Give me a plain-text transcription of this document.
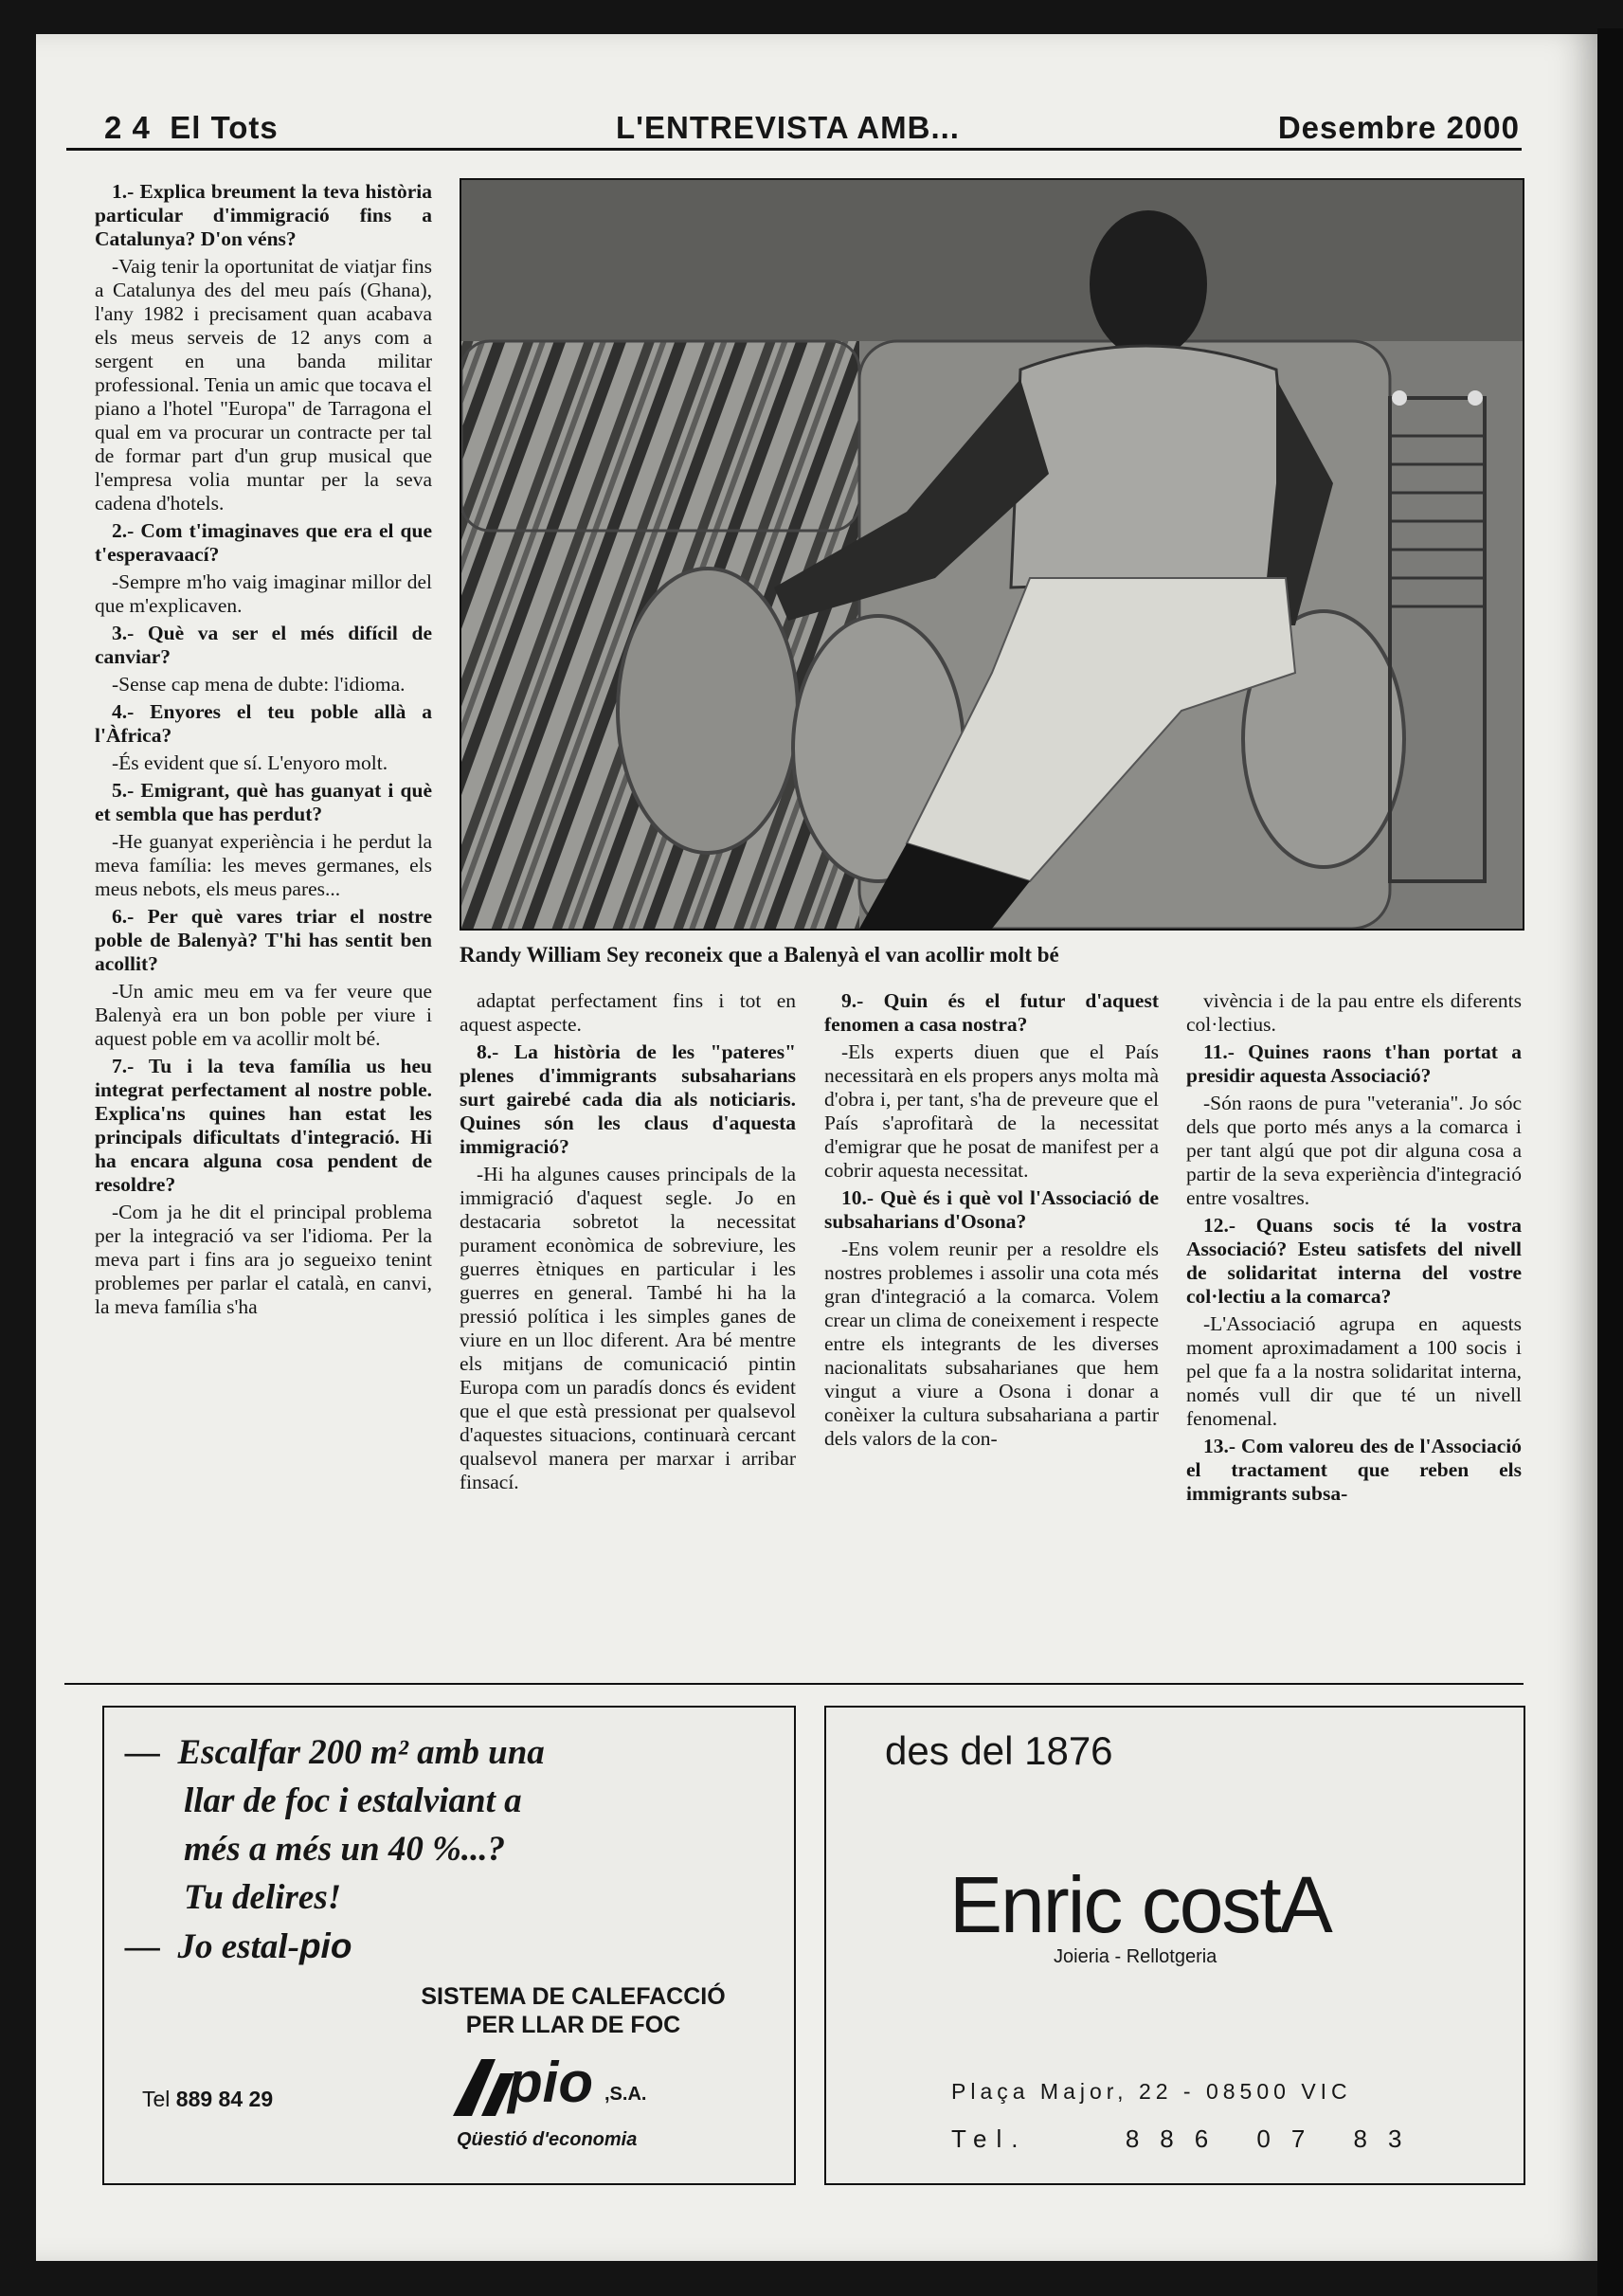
2 4 El Tots	L'ENTREVISTA AMB...	Desembre 2000
Randy William Sey reconeix que a Balenyà el van acollir molt bé

1.- Explica breument la teva història particular d'immigració fins a Catalunya? D'on véns?

-Vaig tenir la oportunitat de viatjar fins a Catalunya des del meu país (Ghana), l'any 1982 i precisament quan acabava els meus serveis de 12 anys com a sergent en una banda militar professional. Tenia un amic que tocava el piano a l'hotel "Europa" de Tarragona el qual em va procurar un contracte per tal de formar part d'un grup musical que l'empresa volia muntar per la seva cadena d'hotels.

2.- Com t'imaginaves que era el que t'esperavaací?

-Sempre m'ho vaig imaginar millor del que m'explicaven.

3.- Què va ser el més difícil de canviar?

-Sense cap mena de dubte: l'idioma.

4.- Enyores el teu poble allà a l'Àfrica?

-És evident que sí. L'enyoro molt.

5.- Emigrant, què has guanyat i què et sembla que has perdut?

-He guanyat experiència i he perdut la meva família: les meves germanes, els meus nebots, els meus pares...

6.- Per què vares triar el nostre poble de Balenyà? T'hi has sentit ben acollit?

-Un amic meu em va fer veure que Balenyà era un bon poble per viure i aquest poble em va acollir molt bé.

7.- Tu i la teva família us heu integrat perfectament al nostre poble. Explica'ns quines han estat les principals dificultats d'integració. Hi ha encara alguna cosa pendent de resoldre?

-Com ja he dit el principal problema per la integració va ser l'idioma. Per la meva part i fins ara jo segueixo tenint problemes per parlar el català, en canvi, la meva família s'ha

adaptat perfectament fins i tot en aquest aspecte.

8.- La història de les "pateres" plenes d'immigrants subsaharians surt gairebé cada dia als noticiaris. Quines són les claus d'aquesta immigració?

-Hi ha algunes causes principals de la immigració d'aquest segle. Jo en destacaria sobretot la necessitat purament econòmica de sobreviure, les guerres ètniques en particular i les guerres en general. També hi ha la pressió política i les simples ganes de viure en un lloc diferent. Ara bé mentre els mitjans de comunicació pintin Europa com un paradís doncs és evident que el que està pressionat per qualsevol d'aquestes situacions, continuarà cercant qualsevol manera per marxar i arribar finsací.

9.- Quin és el futur d'aquest fenomen a casa nostra?

-Els experts diuen que el País necessitarà en els propers anys molta mà d'obra i, per tant, s'ha de preveure que el País s'aprofitarà de la necessitat d'emigrar que he posat de manifest per a cobrir aquesta necessitat.

10.- Què és i què vol l'Associació de subsaharians d'Osona?

-Ens volem reunir per a resoldre els nostres problemes i assolir una cota més gran d'integració a la comarca. Volem crear un clima de coneixement i respecte entre els integrants de les diverses nacionalitats subsaharianes que hem vingut a viure a Osona i donar a conèixer la cultura subsahariana a partir dels valors de la con-

vivència i de la pau entre els diferents col·lectius.

11.- Quines raons t'han portat a presidir aquesta Associació?

-Són raons de pura "veterania". Jo sóc dels que porto més anys a la comarca i per tant algú que pot dir alguna cosa a partir de la seva experiència d'integració entre vosaltres.

12.- Quans socis té la vostra Associació? Esteu satisfets del nivell de solidaritat interna del vostre col·lectiu a la comarca?

-L'Associació agrupa en aquests moment aproximadament a 100 socis i pel que fa a la nostra solidaritat interna, només vull dir que té un nivell fenomenal.

13.- Com valoreu des de l'Associació el tractament que reben els immigrants subsa-

— Escalfar 200 m² amb una
llar de foc i estalviant a
més a més un 40 %...?
Tu delires!
— Jo estal-pio
SISTEMA DE CALEFACCIÓ
PER LLAR DE FOC
Tel 889 84 29	pio ,S.A.
Qüestió d'economia
des del 1876
Enric costA
Joieria - Rellotgeria
Plaça Major, 22 - 08500 VIC
Tel.	886 07 83
